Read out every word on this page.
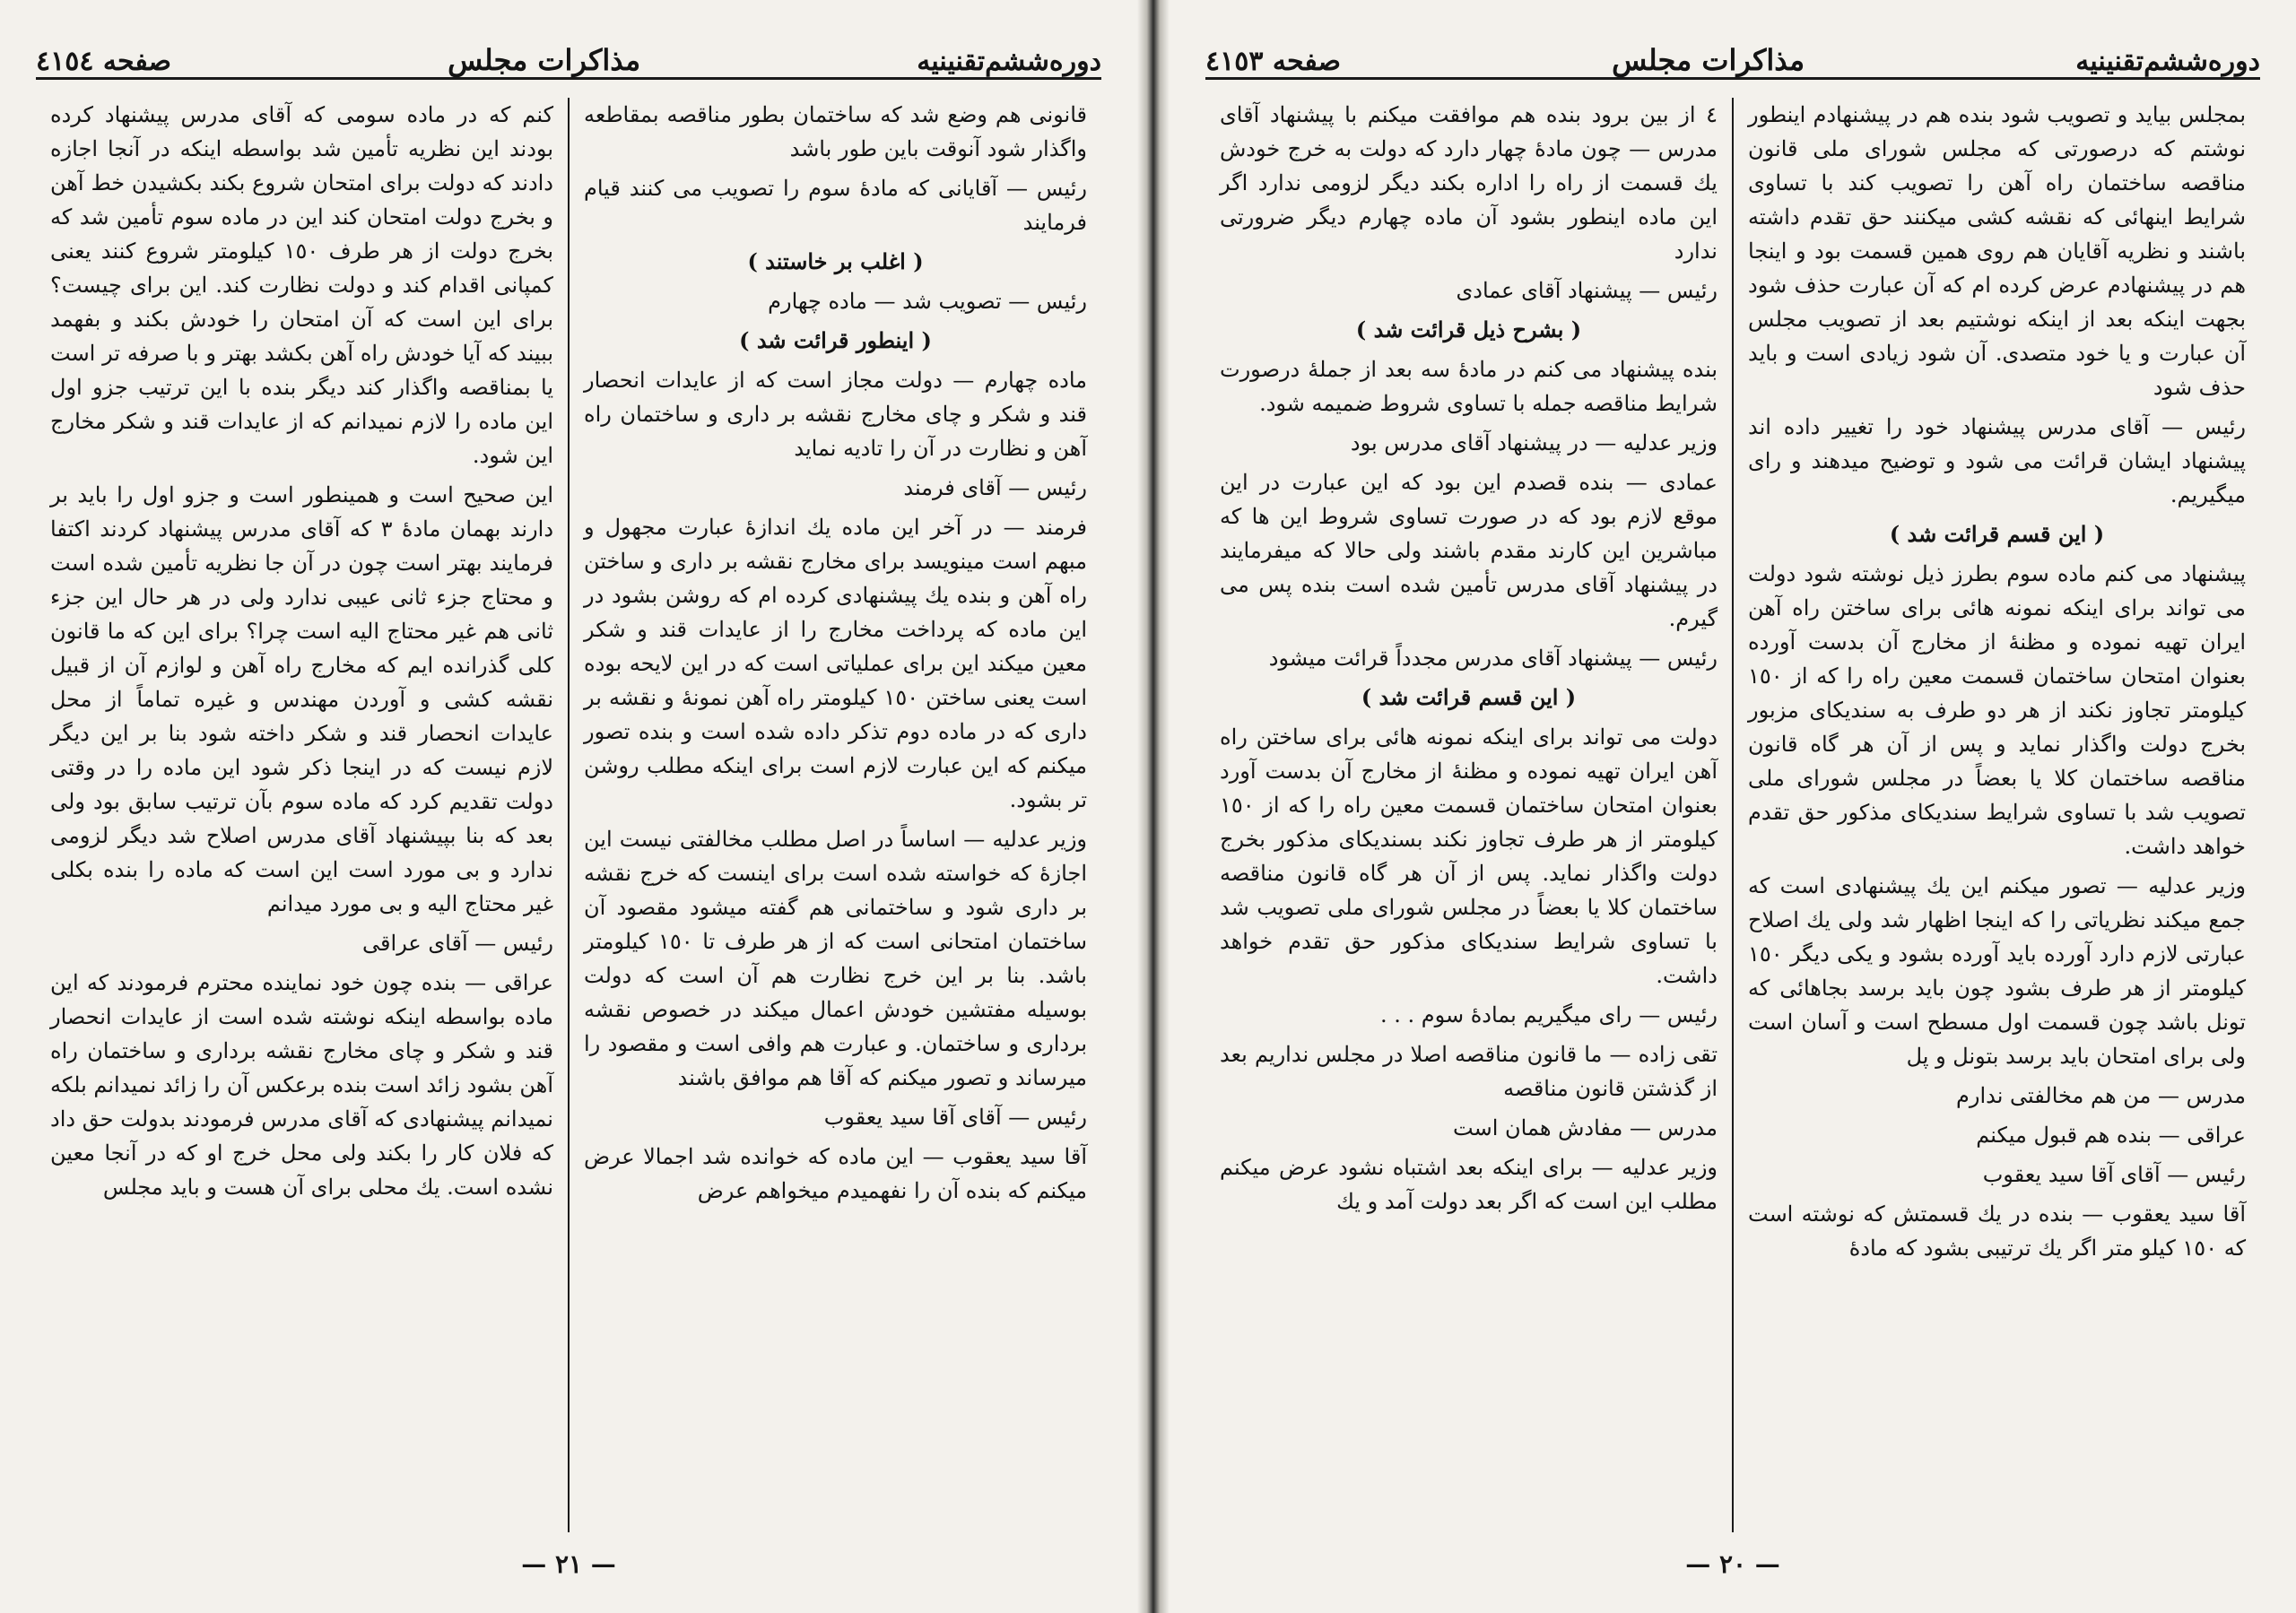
دوره‌ششم‌تقنینیه
مذاکرات مجلس
صفحه ٤١٥٤

قانونی هم وضع شد که ساختمان بطور مناقصه بمقاطعه واگذار شود آنوقت باین طور باشد

رئیس — آقایانی که مادهٔ سوم را تصویب می کنند قیام فرمایند

( اغلب بر خاستند )

رئیس — تصویب شد — ماده چهارم

( اینطور قرائت شد )

ماده چهارم — دولت مجاز است که از عایدات انحصار قند و شکر و چای مخارج نقشه بر داری و ساختمان راه آهن و نظارت در آن را تادیه نماید

رئیس — آقای فرمند

فرمند — در آخر این ماده یك اندازهٔ عبارت مجهول و مبهم است مینویسد برای مخارج نقشه بر داری و ساختن راه آهن و بنده یك پیشنهادی کرده ام که روشن بشود در این ماده که پرداخت مخارج را از عایدات قند و شکر معین میکند این برای عملیاتی است که در این لایحه بوده است یعنی ساختن ١٥٠ کیلومتر راه آهن نمونهٔ و نقشه بر داری که در ماده دوم تذکر داده شده است و بنده تصور میکنم که این عبارت لازم است برای اینکه مطلب روشن تر بشود.

وزیر عدلیه — اساساً در اصل مطلب مخالفتی نیست این اجازهٔ که خواسته شده است برای اینست که خرج نقشه بر داری شود و ساختمانی هم گفته میشود مقصود آن ساختمان امتحانی است که از هر طرف تا ١٥٠ کیلومتر باشد. بنا بر این خرج نظارت هم آن است که دولت بوسیله مفتشین خودش اعمال میکند در خصوص نقشه برداری و ساختمان. و عبارت هم وافی است و مقصود را میرساند و تصور میکنم که آقا هم موافق باشند

رئیس — آقای آقا سید یعقوب

آقا سید یعقوب — این ماده که خوانده شد اجمالا عرض میکنم که بنده آن را نفهمیدم میخواهم عرض

کنم که در ماده سومی که آقای مدرس پیشنهاد کرده بودند این نظریه تأمین شد بواسطه اینکه در آنجا اجازه دادند که دولت برای امتحان شروع بکند بکشیدن خط آهن و بخرج دولت امتحان کند این در ماده سوم تأمین شد که بخرج دولت از هر طرف ١٥٠ کیلومتر شروع کنند یعنی کمپانی اقدام کند و دولت نظارت کند. این برای چیست؟ برای این است که آن امتحان را خودش بکند و بفهمد ببیند که آیا خودش راه آهن بکشد بهتر و با صرفه تر است یا بمناقصه واگذار کند دیگر بنده با این ترتیب جزو اول این ماده را لازم نمیدانم که از عایدات قند و شکر مخارج این شود.

این صحیح است و همینطور است و جزو اول را باید بر دارند بهمان مادهٔ ٣ که آقای مدرس پیشنهاد کردند اکتفا فرمایند بهتر است چون در آن جا نظریه تأمین شده است و محتاج جزء ثانی عیبی ندارد ولی در هر حال این جزء ثانی هم غیر محتاج الیه است چرا؟ برای این که ما قانون کلی گذرانده ایم که مخارج راه آهن و لوازم آن از قبیل نقشه کشی و آوردن مهندس و غیره تماماً از محل عایدات انحصار قند و شکر داخته شود بنا بر این دیگر لازم نیست که در اینجا ذکر شود این ماده را در وقتی دولت تقدیم کرد که ماده سوم بآن ترتیب سابق بود ولی بعد که بنا بپیشنهاد آقای مدرس اصلاح شد دیگر لزومی ندارد و بی مورد است این است که ماده را بنده بکلی غیر محتاج الیه و بی مورد میدانم

رئیس — آقای عراقی

عراقی — بنده چون خود نماینده محترم فرمودند که این ماده بواسطه اینکه نوشته شده است از عایدات انحصار قند و شکر و چای مخارج نقشه برداری و ساختمان راه آهن بشود زائد است بنده برعکس آن را زائد نمیدانم بلکه نمیدانم پیشنهادی که آقای مدرس فرمودند بدولت حق داد که فلان کار را بکند ولی محل خرج او که در آنجا معین نشده است. یك محلی برای آن هست و باید مجلس

— ٢١ —
دوره‌ششم‌تقنینیه
مذاکرات مجلس
صفحه ٤١٥٣

بمجلس بیاید و تصویب شود بنده هم در پیشنهادم اینطور نوشتم که درصورتی که مجلس شورای ملی قانون مناقصه ساختمان راه آهن را تصویب کند با تساوی شرایط اینهائی که نقشه کشی میکنند حق تقدم داشته باشند و نظریه آقایان هم روی همین قسمت بود و اینجا هم در پیشنهادم عرض کرده ام که آن عبارت حذف شود بجهت اینکه بعد از اینکه نوشتیم بعد از تصویب مجلس آن عبارت و یا خود متصدی. آن شود زیادی است و باید حذف شود

رئیس — آقای مدرس پیشنهاد خود را تغییر داده اند پیشنهاد ایشان قرائت می شود و توضیح میدهند و رای میگیریم.

( این قسم قرائت شد )

پیشنهاد می کنم ماده سوم بطرز ذیل نوشته شود دولت می تواند برای اینکه نمونه هائی برای ساختن راه آهن ایران تهیه نموده و مظنهٔ از مخارج آن بدست آورده بعنوان امتحان ساختمان قسمت معین راه را که از ١٥٠ کیلومتر تجاوز نکند از هر دو طرف به سندیکای مزبور بخرج دولت واگذار نماید و پس از آن هر گاه قانون مناقصه ساختمان کلا یا بعضاً در مجلس شورای ملی تصویب شد با تساوی شرایط سندیکای مذکور حق تقدم خواهد داشت.

وزیر عدلیه — تصور میکنم این یك پیشنهادی است که جمع میکند نظریاتی را که اینجا اظهار شد ولی یك اصلاح عبارتی لازم دارد آورده باید آورده بشود و یکی دیگر ١٥٠ کیلومتر از هر طرف بشود چون باید برسد بجاهائی که تونل باشد چون قسمت اول مسطح است و آسان است ولی برای امتحان باید برسد بتونل و پل

مدرس — من هم مخالفتی ندارم

عراقی — بنده هم قبول میکنم

رئیس — آقای آقا سید یعقوب

آقا سید یعقوب — بنده در یك قسمتش که نوشته است که ١٥٠ کیلو متر اگر یك ترتیبی بشود که مادهٔ

٤ از بین برود بنده هم موافقت میکنم با پیشنهاد آقای مدرس — چون مادهٔ چهار دارد که دولت به خرج خودش یك قسمت از راه را اداره بکند دیگر لزومی ندارد اگر این ماده اینطور بشود آن ماده چهارم دیگر ضرورتی ندارد

رئیس — پیشنهاد آقای عمادی

( بشرح ذیل قرائت شد )

بنده پیشنهاد می کنم در مادهٔ سه بعد از جملهٔ درصورت شرایط مناقصه جمله با تساوی شروط ضمیمه شود.

وزیر عدلیه — در پیشنهاد آقای مدرس بود

عمادی — بنده قصدم این بود که این عبارت در این موقع لازم بود که در صورت تساوی شروط این ها که مباشرین این کارند مقدم باشند ولی حالا که میفرمایند در پیشنهاد آقای مدرس تأمین شده است بنده پس می گیرم.

رئیس — پیشنهاد آقای مدرس مجدداً قرائت میشود

( این قسم قرائت شد )

دولت می تواند برای اینکه نمونه هائی برای ساختن راه آهن ایران تهیه نموده و مظنهٔ از مخارج آن بدست آورد بعنوان امتحان ساختمان قسمت معین راه را که از ١٥٠ کیلومتر از هر طرف تجاوز نکند بسندیکای مذکور بخرج دولت واگذار نماید. پس از آن هر گاه قانون مناقصه ساختمان کلا یا بعضاً در مجلس شورای ملی تصویب شد با تساوی شرایط سندیکای مذکور حق تقدم خواهد داشت.

رئیس — رای میگیریم بمادهٔ سوم . . .

تقی زاده — ما قانون مناقصه اصلا در مجلس نداریم بعد از گذشتن قانون مناقصه

مدرس — مفادش همان است

وزیر عدلیه — برای اینکه بعد اشتباه نشود عرض میکنم مطلب این است که اگر بعد دولت آمد و یك

— ٢٠ —
